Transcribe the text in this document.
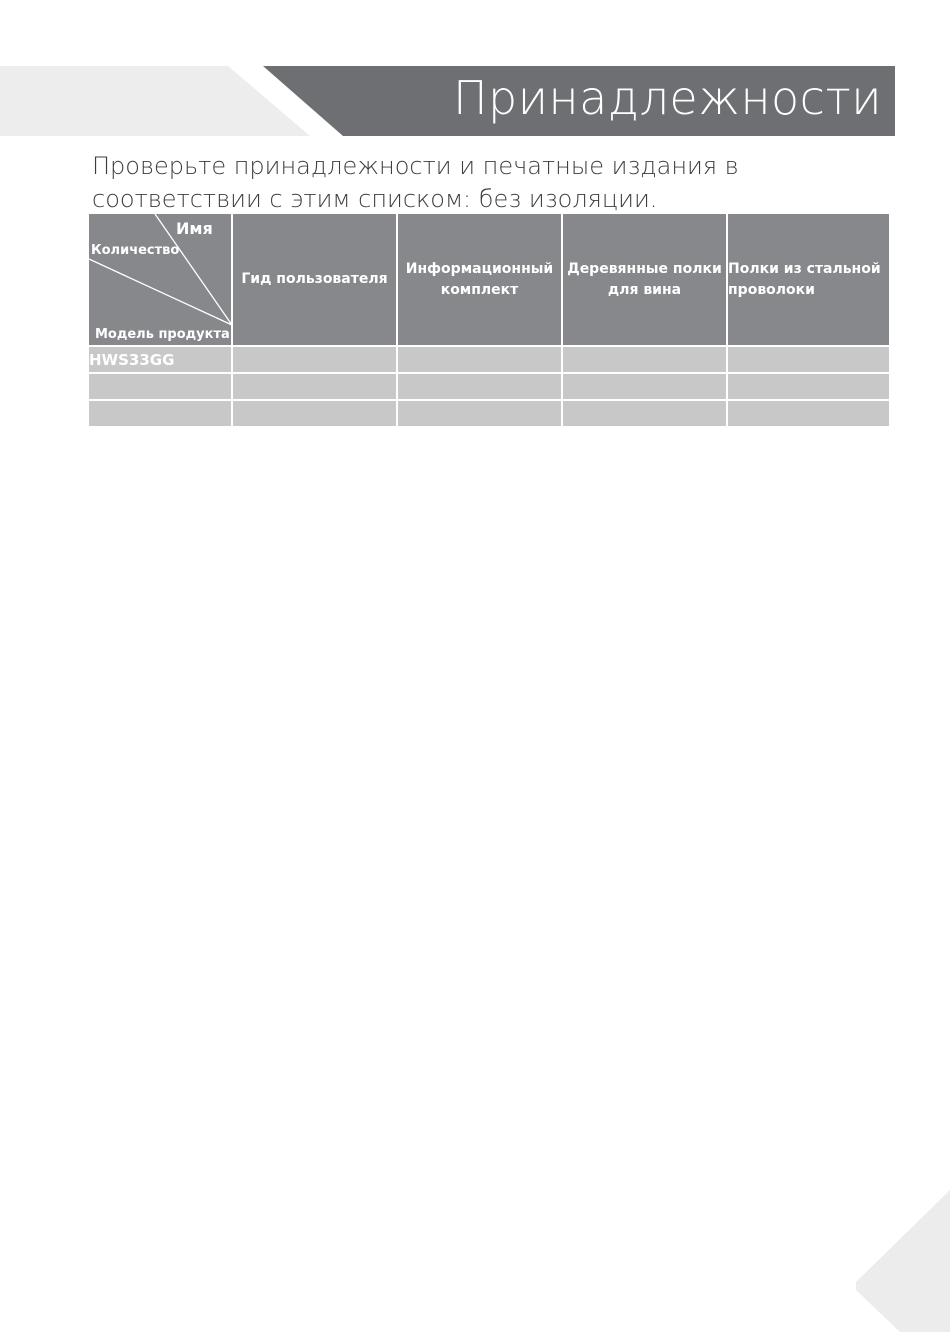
Принадлежности

Проверьте принадлежности и печатные издания в
соответствии с этим списком: без изоляции.

Имя
Количество
Модель продукта	Гид пользователя	Информационный комплект	Деревянные полки для вина	Полки из стальной проволоки
HWS33GG				
